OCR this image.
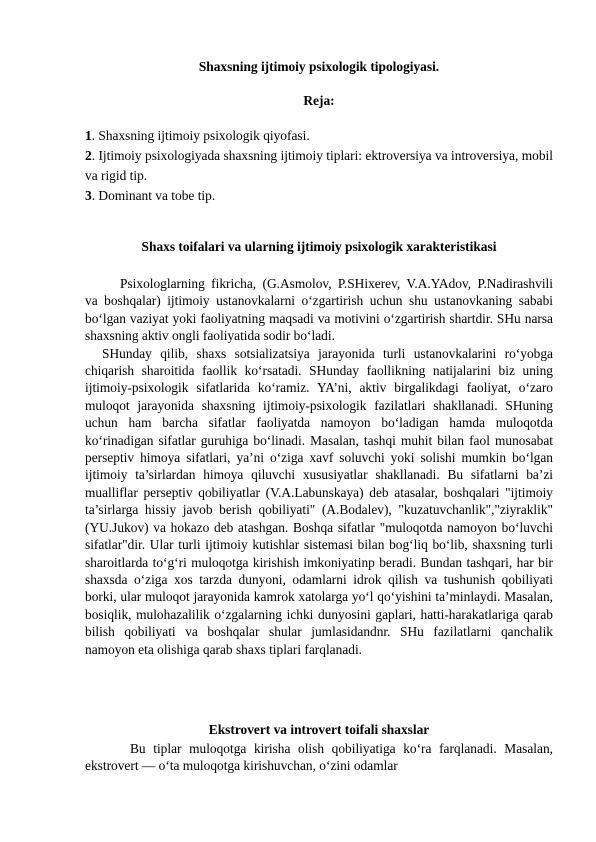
Shaxsning ijtimoiy psixologik tipologiyasi.
Reja:

1. Shaxsning ijtimoiy psixologik qiyofasi.

2. Ijtimoiy psixologiyada shaxsning ijtimoiy tiplari: ektroversiya va introversiya, mobil va rigid tip.

3. Dominant va tobe tip.

Shaxs toifalari va ularning ijtimoiy psixologik xarakteristikasi

Psixologlarning fikricha, (G.Asmolov, P.SHixerev, V.A.YAdov, P.Nadirashvili va boshqalar) ijtimoiy ustanovkalarni o‘zgartirish uchun shu ustanovkaning sababi bo‘lgan vaziyat yoki faoliyatning maqsadi va motivini o‘zgartirish shartdir. SHu narsa shaxsning aktiv ongli faoliyatida sodir bo‘ladi.

SHunday qilib, shaxs sotsializatsiya jarayonida turli ustanovkalarini ro‘yobga chiqarish sharoitida faollik ko‘rsatadi. SHunday faollikning natijalarini biz uning ijtimoiy-psixologik sifatlarida ko‘ramiz. YA’ni, aktiv birgalikdagi faoliyat, o‘zaro muloqot jarayonida shaxsning ijtimoiy-psixologik fazilatlari shakllanadi. SHuning uchun ham barcha sifatlar faoliyatda namoyon bo‘ladigan hamda muloqotda ko‘rinadigan sifatlar guruhiga bo‘linadi. Masalan, tashqi muhit bilan faol munosabat perseptiv himoya sifatlari, ya’ni o‘ziga xavf soluvchi yoki solishi mumkin bo‘lgan ijtimoiy ta’sirlardan himoya qiluvchi xususiyatlar shakllanadi. Bu sifatlarni ba’zi mualliflar perseptiv qobiliyatlar (V.A.Labunskaya) deb atasalar, boshqalari "ijtimoiy ta’sirlarga hissiy javob berish qobiliyati" (A.Bodalev), "kuzatuvchanlik","ziyraklik" (YU.Jukov) va hokazo deb atashgan. Boshqa sifatlar "muloqotda namoyon bo‘luvchi sifatlar"dir. Ular turli ijtimoiy kutishlar sistemasi bilan bog‘liq bo‘lib, shaxsning turli sharoitlarda to‘g‘ri muloqotga kirishish imkoniyatinp beradi. Bundan tashqari, har bir shaxsda o‘ziga xos tarzda dunyoni, odamlarni idrok qilish va tushunish qobiliyati borki, ular muloqot jarayonida kamrok xatolarga yo‘l qo‘yishini ta’minlaydi. Masalan, bosiqlik, mulohazalilik o‘zgalarning ichki dunyosini gaplari, hatti-harakatlariga qarab bilish qobiliyati va boshqalar shular jumlasidandnr. SHu fazilatlarni qanchalik namoyon eta olishiga qarab shaxs tiplari farqlanadi.

Ekstrovert va introvert toifali shaxslar

Bu tiplar muloqotga kirisha olish qobiliyatiga ko‘ra farqlanadi. Masalan, ekstrovert — o‘ta muloqotga kirishuvchan, o‘zini odamlar
